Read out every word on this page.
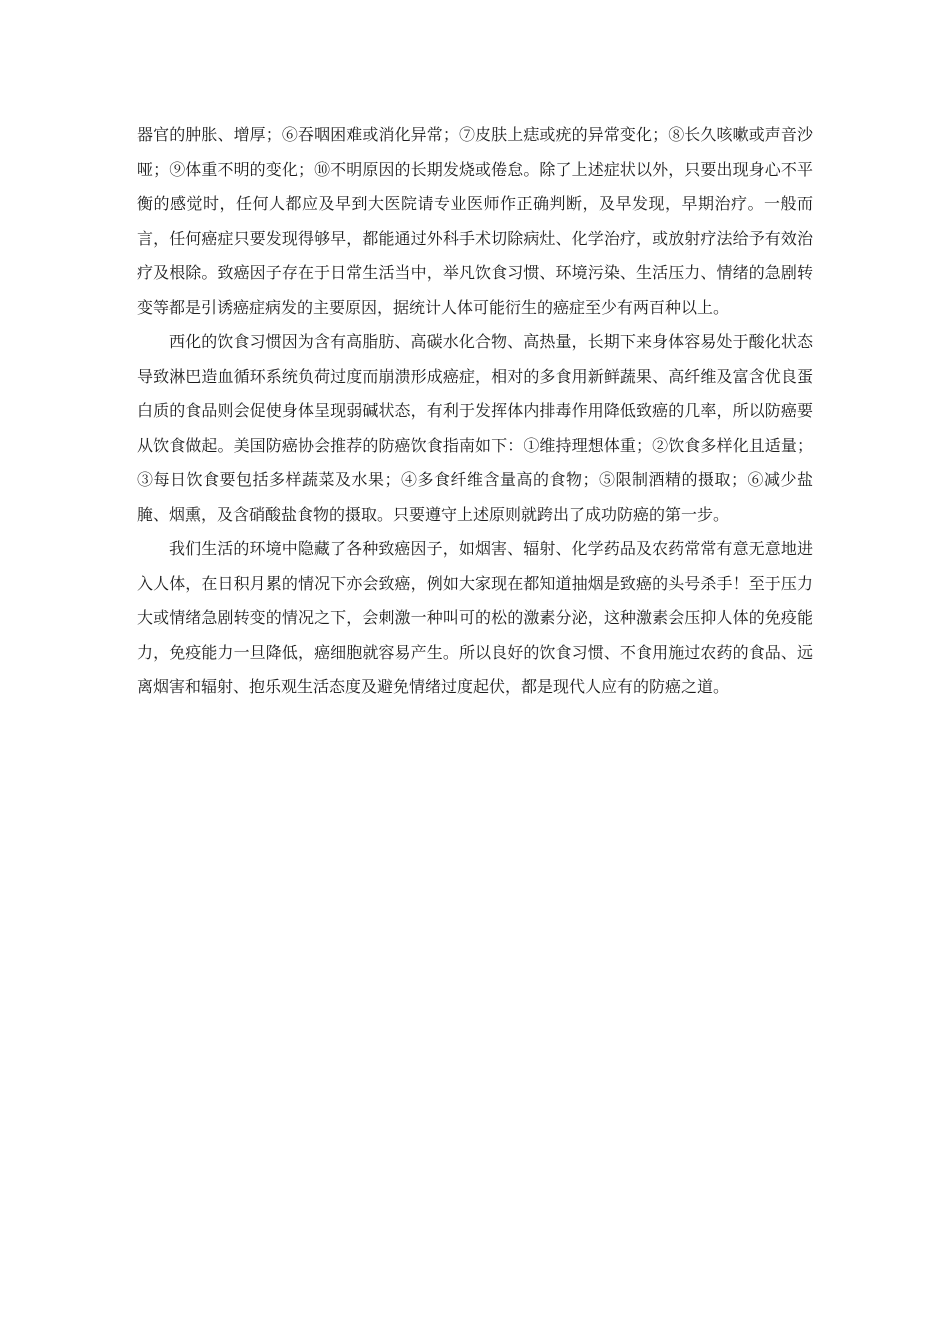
器官的肿胀、增厚；⑥吞咽困难或消化异常；⑦皮肤上痣或疣的异常变化；⑧长久咳嗽或声音沙哑；⑨体重不明的变化；⑩不明原因的长期发烧或倦怠。除了上述症状以外，只要出现身心不平衡的感觉时，任何人都应及早到大医院请专业医师作正确判断，及早发现，早期治疗。一般而言，任何癌症只要发现得够早，都能通过外科手术切除病灶、化学治疗，或放射疗法给予有效治疗及根除。致癌因子存在于日常生活当中，举凡饮食习惯、环境污染、生活压力、情绪的急剧转变等都是引诱癌症病发的主要原因，据统计人体可能衍生的癌症至少有两百种以上。

西化的饮食习惯因为含有高脂肪、高碳水化合物、高热量，长期下来身体容易处于酸化状态导致淋巴造血循环系统负荷过度而崩溃形成癌症，相对的多食用新鲜蔬果、高纤维及富含优良蛋白质的食品则会促使身体呈现弱碱状态，有利于发挥体内排毒作用降低致癌的几率，所以防癌要从饮食做起。美国防癌协会推荐的防癌饮食指南如下：①维持理想体重；②饮食多样化且适量；③每日饮食要包括多样蔬菜及水果；④多食纤维含量高的食物；⑤限制酒精的摄取；⑥减少盐腌、烟熏，及含硝酸盐食物的摄取。只要遵守上述原则就跨出了成功防癌的第一步。

我们生活的环境中隐藏了各种致癌因子，如烟害、辐射、化学药品及农药常常有意无意地进入人体，在日积月累的情况下亦会致癌，例如大家现在都知道抽烟是致癌的头号杀手！至于压力大或情绪急剧转变的情况之下，会刺激一种叫可的松的激素分泌，这种激素会压抑人体的免疫能力，免疫能力一旦降低，癌细胞就容易产生。所以良好的饮食习惯、不食用施过农药的食品、远离烟害和辐射、抱乐观生活态度及避免情绪过度起伏，都是现代人应有的防癌之道。
